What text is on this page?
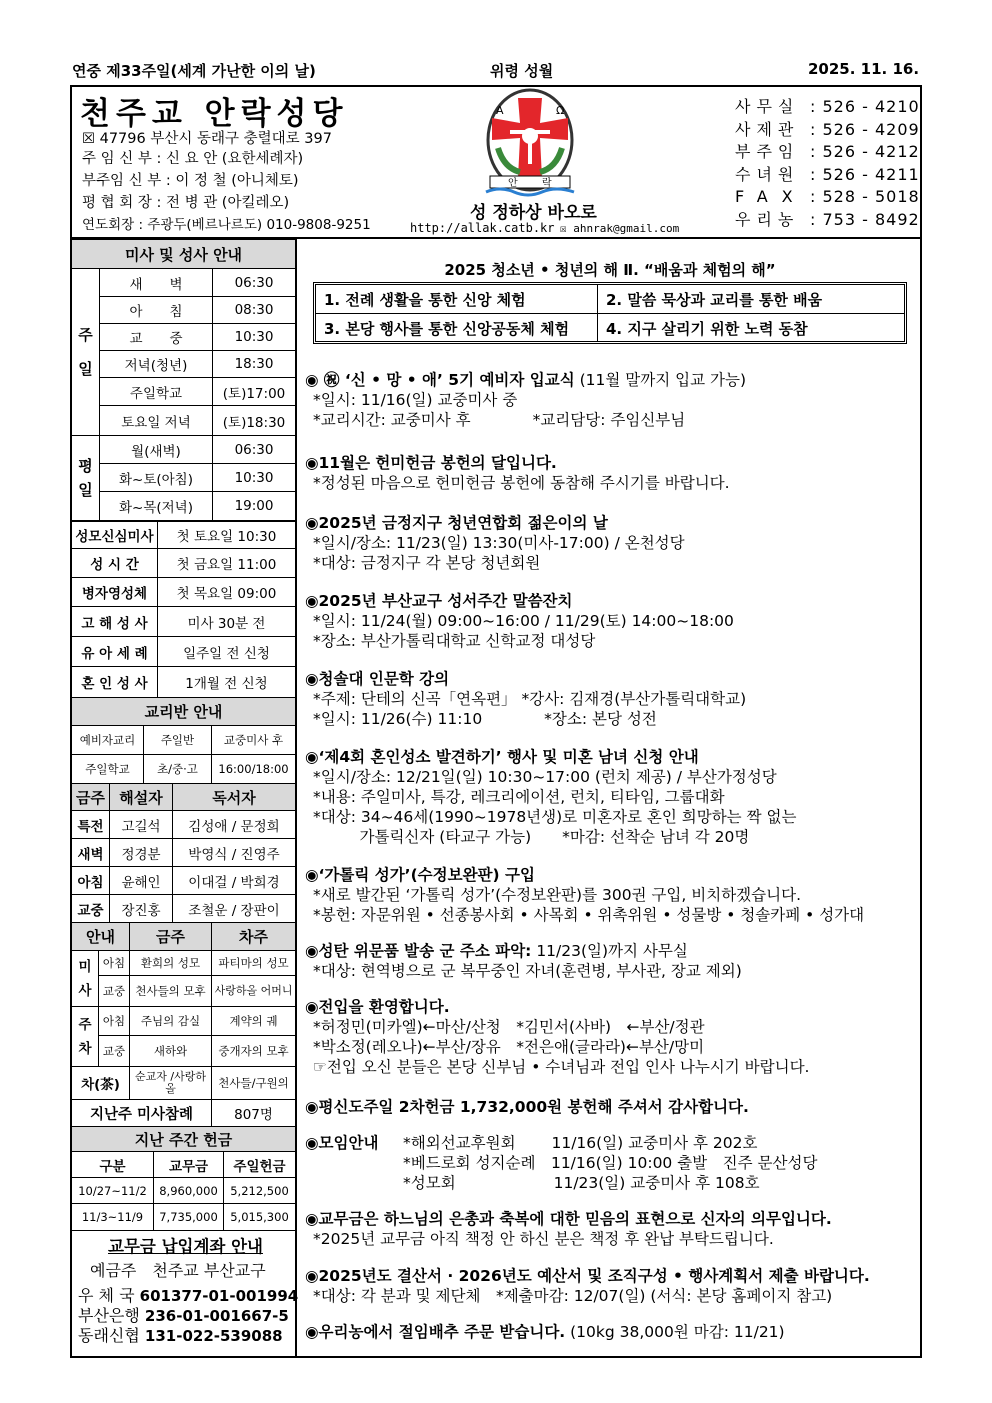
연중 제33주일(세계 가난한 이의 날)	위령 성월	2025. 11. 16.
천주교 안락성당
☒ 47796 부산시 동래구 충렬대로 397
주 임 신 부 : 신 요 안 (요한세례자)
부주임 신 부 : 이 정 철 (아니체토)
평 협 회 장 : 전 병 관 (아킬레오)
연도회장 : 주광두(베르나르도) 010-9808-9251
안 락
A	Ω
성 정하상 바오로
http://allak.catb.kr ☒ ahnrak@gmail.com
사무실 : 526 - 4210
사제관 : 526 - 4209
부주임 : 526 - 4212
수녀원 : 526 - 4211
FAX : 528 - 5018
우리농 : 753 - 8492
미사 및 성사 안내		
주
일	새　　벽	06:30
	아　　침	08:30
	교　　중	10:30
	저녁(청년)	18:30
	주일학교	(토)17:00
	토요일 저녁	(토)18:30
평
일	월(새벽)	06:30
	화~토(아침)	10:30
	화~목(저녁)	19:00
성모신심미사	첫 토요일 10:30
성 시 간	첫 금요일 11:00
병자영성체	첫 목요일 09:00
고 해 성 사	미사 30분 전
유 아 세 례	일주일 전 신청
혼 인 성 사	1개월 전 신청
교리반 안내		
예비자교리	주일반	교중미사 후
주일학교	초/중·고	16:00/18:00
금주	해설자	독서자
특전	고길석	김성애 / 문정희
새벽	정경분	박영식 / 진영주
아침	윤해인	이대걸 / 박희경
교중	장진홍	조철운 / 장판이
안내		금주	차주
미
사	아침	환희의 성모	파티마의 성모
	교중	천사들의 모후	사랑하올 어머니
주
차	아침	주님의 감실	계약의 궤
	교중	새하와	중개자의 모후
차(茶)		순교자 /사랑하올	천사들/구원의
지난주 미사참례			807명
지난 주간 헌금		
구분	교무금	주일헌금
10/27~11/2	8,960,000	5,212,500
11/3~11/9	7,735,000	5,015,300
교무금 납입계좌 안내
예금주　천주교 부산교구
우 체 국 601377-01-001994
부산은행 236-01-001667-5
동래신협 131-022-539088
2025 청소년 • 청년의 해 Ⅱ. “배움과 체험의 해”
1. 전례 생활을 통한 신앙 체험	2. 말씀 묵상과 교리를 통한 배움
3. 본당 행사를 통한 신앙공동체 체험 4. 지구 살리기 위한 노력 동참
◉ ㊗ ‘신 • 망 • 애’ 5기 예비자 입교식 (11월 말까지 입교 가능)
*일시: 11/16(일) 교중미사 중
*교리시간: 교중미사 후　　　　*교리담당: 주임신부님
◉11월은 헌미헌금 봉헌의 달입니다.
*정성된 마음으로 헌미헌금 봉헌에 동참해 주시기를 바랍니다.
◉2025년 금정지구 청년연합회 젊은이의 날
*일시/장소: 11/23(일) 13:30(미사-17:00) / 온천성당
*대상: 금정지구 각 본당 청년회원
◉2025년 부산교구 성서주간 말씀잔치
*일시: 11/24(월) 09:00~16:00 / 11/29(토) 14:00~18:00
*장소: 부산가톨릭대학교 신학교정 대성당
◉청솔대 인문학 강의
*주제: 단테의 신곡「연옥편」 *강사: 김재경(부산가톨릭대학교)
*일시: 11/26(수) 11:10　　　　*장소: 본당 성전
◉‘제4회 혼인성소 발견하기’ 행사 및 미혼 남녀 신청 안내
*일시/장소: 12/21일(일) 10:30~17:00 (런치 제공) / 부산가정성당
*내용: 주일미사, 특강, 레크리에이션, 런치, 티타임, 그룹대화
*대상: 34~46세(1990~1978년생)로 미혼자로 혼인 희망하는 짝 없는
　　　가톨릭신자 (타교구 가능)　　*마감: 선착순 남녀 각 20명
◉‘가톨릭 성가’(수정보완판) 구입
*새로 발간된 ‘가톨릭 성가’(수정보완판)를 300권 구입, 비치하겠습니다.
*봉헌: 자문위원 • 선종봉사회 • 사목회 • 위촉위원 • 성물방 • 청솔카페 • 성가대
◉성탄 위문품 발송 군 주소 파악: 11/23(일)까지 사무실
*대상: 현역병으로 군 복무중인 자녀(훈련병, 부사관, 장교 제외)
◉전입을 환영합니다.
*허정민(미카엘)←마산/산청　*김민서(사바)　←부산/정관
*박소정(레오나)←부산/장유　*전은애(글라라)←부산/망미
☞전입 오신 분들은 본당 신부님 • 수녀님과 전입 인사 나누시기 바랍니다.
◉평신도주일 2차헌금 1,732,000원 봉헌해 주셔서 감사합니다.
◉모임안내	*해외선교후원회　　 11/16(일) 교중미사 후 202호
*베드로회 성지순례　11/16(일) 10:00 출발　진주 문산성당
*성모회　　　　　　 11/23(일) 교중미사 후 108호
◉교무금은 하느님의 은총과 축복에 대한 믿음의 표현으로 신자의 의무입니다.
*2025년 교무금 아직 책정 안 하신 분은 책정 후 완납 부탁드립니다.
◉2025년도 결산서 · 2026년도 예산서 및 조직구성 • 행사계획서 제출 바랍니다.
*대상: 각 분과 및 제단체　*제출마감: 12/07(일) (서식: 본당 홈페이지 참고)
◉우리농에서 절임배추 주문 받습니다. (10kg 38,000원 마감: 11/21)
